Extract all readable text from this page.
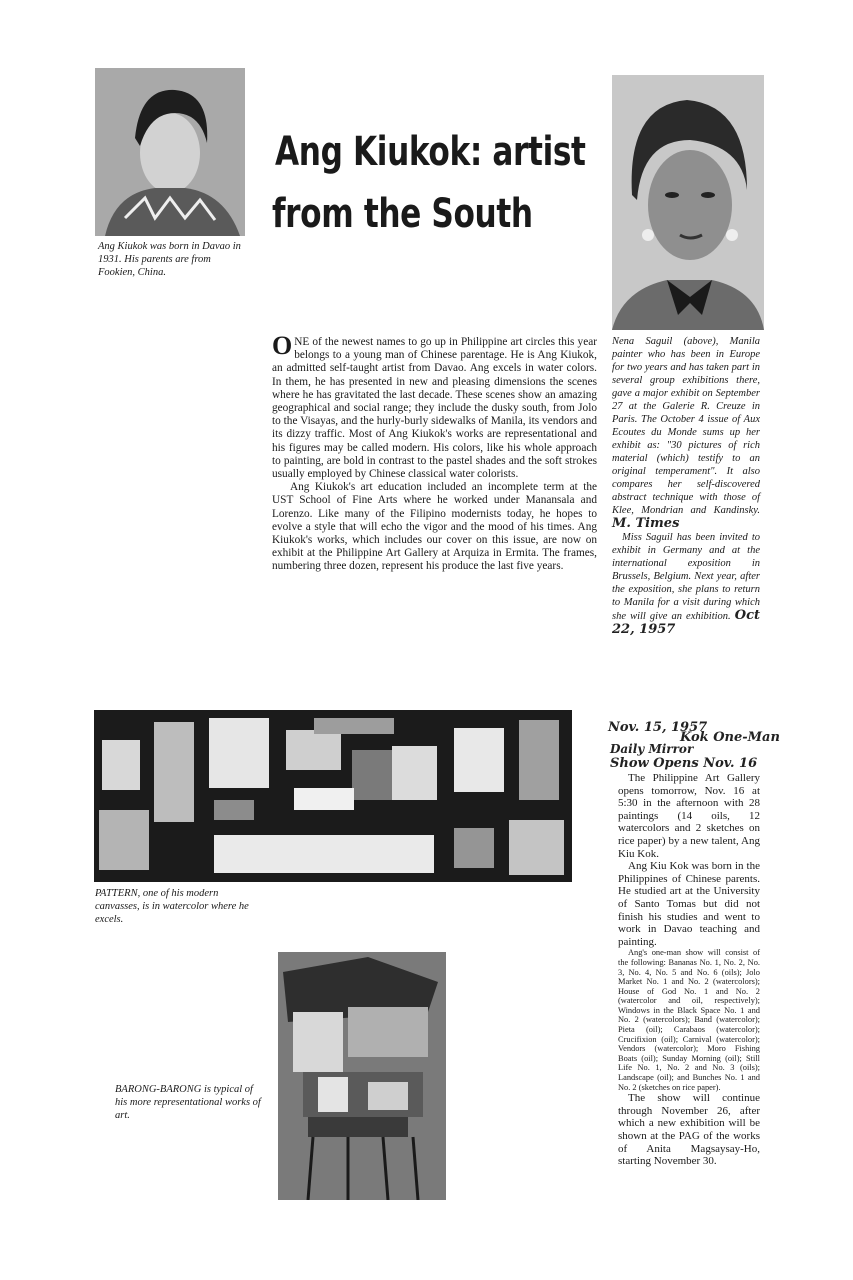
Ang Kiukok was born in Davao in 1931. His parents are from Fookien, China.
Ang Kiukok: artist
from the South

ONE of the newest names to go up in Philippine art circles this year belongs to a young man of Chinese parentage. He is Ang Kiukok, an admitted self-taught artist from Davao. Ang excels in water colors. In them, he has presented in new and pleasing dimensions the scenes where he has gravitated the last decade. These scenes show an amazing geographical and social range; they include the dusky south, from Jolo to the Visayas, and the hurly-burly sidewalks of Manila, its vendors and its dizzy traffic. Most of Ang Kiukok's works are representational and his figures may be called modern. His colors, like his whole approach to painting, are bold in contrast to the pastel shades and the soft strokes usually employed by Chinese classical water colorists.

Ang Kiukok's art education included an incomplete term at the UST School of Fine Arts where he worked under Manansala and Lorenzo. Like many of the Filipino modernists today, he hopes to evolve a style that will echo the vigor and the mood of his times. Ang Kiukok's works, which includes our cover on this issue, are now on exhibit at the Philippine Art Gallery at Arquiza in Ermita. The frames, numbering three dozen, represent his produce the last five years.

Nena Saguil (above), Manila painter who has been in Europe for two years and has taken part in several group exhibitions there, gave a major exhibit on September 27 at the Galerie R. Creuze in Paris. The October 4 issue of Aux Ecoutes du Monde sums up her exhibit as: "30 pictures of rich material (which) testify to an original temperament". It also compares her self-discovered abstract technique with those of Klee, Mondrian and Kandinsky. M. Times
Miss Saguil has been invited to exhibit in Germany and at the international exposition in Brussels, Belgium. Next year, after the exposition, she plans to return to Manila for a visit during which she will give an exhibition. Oct 22, 1957
PATTERN, one of his modern canvasses, is in watercolor where he excels.
BARONG-BARONG is typical of his more representational works of art.
Nov. 15, 1957
Kok One-Man
Daily Mirror
Show Opens Nov. 16

The Philippine Art Gallery opens tomorrow, Nov. 16 at 5:30 in the afternoon with 28 paintings (14 oils, 12 watercolors and 2 sketches on rice paper) by a new talent, Ang Kiu Kok.

Ang Kiu Kok was born in the Philippines of Chinese parents. He studied art at the University of Santo Tomas but did not finish his studies and went to work in Davao teaching and painting.

Ang's one-man show will consist of the following: Bananas No. 1, No. 2, No. 3, No. 4, No. 5 and No. 6 (oils); Jolo Market No. 1 and No. 2 (watercolors); House of God No. 1 and No. 2 (watercolor and oil, respectively); Windows in the Black Space No. 1 and No. 2 (watercolors); Band (watercolor); Pieta (oil); Carabaos (watercolor); Crucifixion (oil); Carnival (watercolor); Vendors (watercolor); Moro Fishing Boats (oil); Sunday Morning (oil); Still Life No. 1, No. 2 and No. 3 (oils); Landscape (oil); and Bunches No. 1 and No. 2 (sketches on rice paper).

The show will continue through November 26, after which a new exhibition will be shown at the PAG of the works of Anita Magsaysay-Ho, starting November 30.
